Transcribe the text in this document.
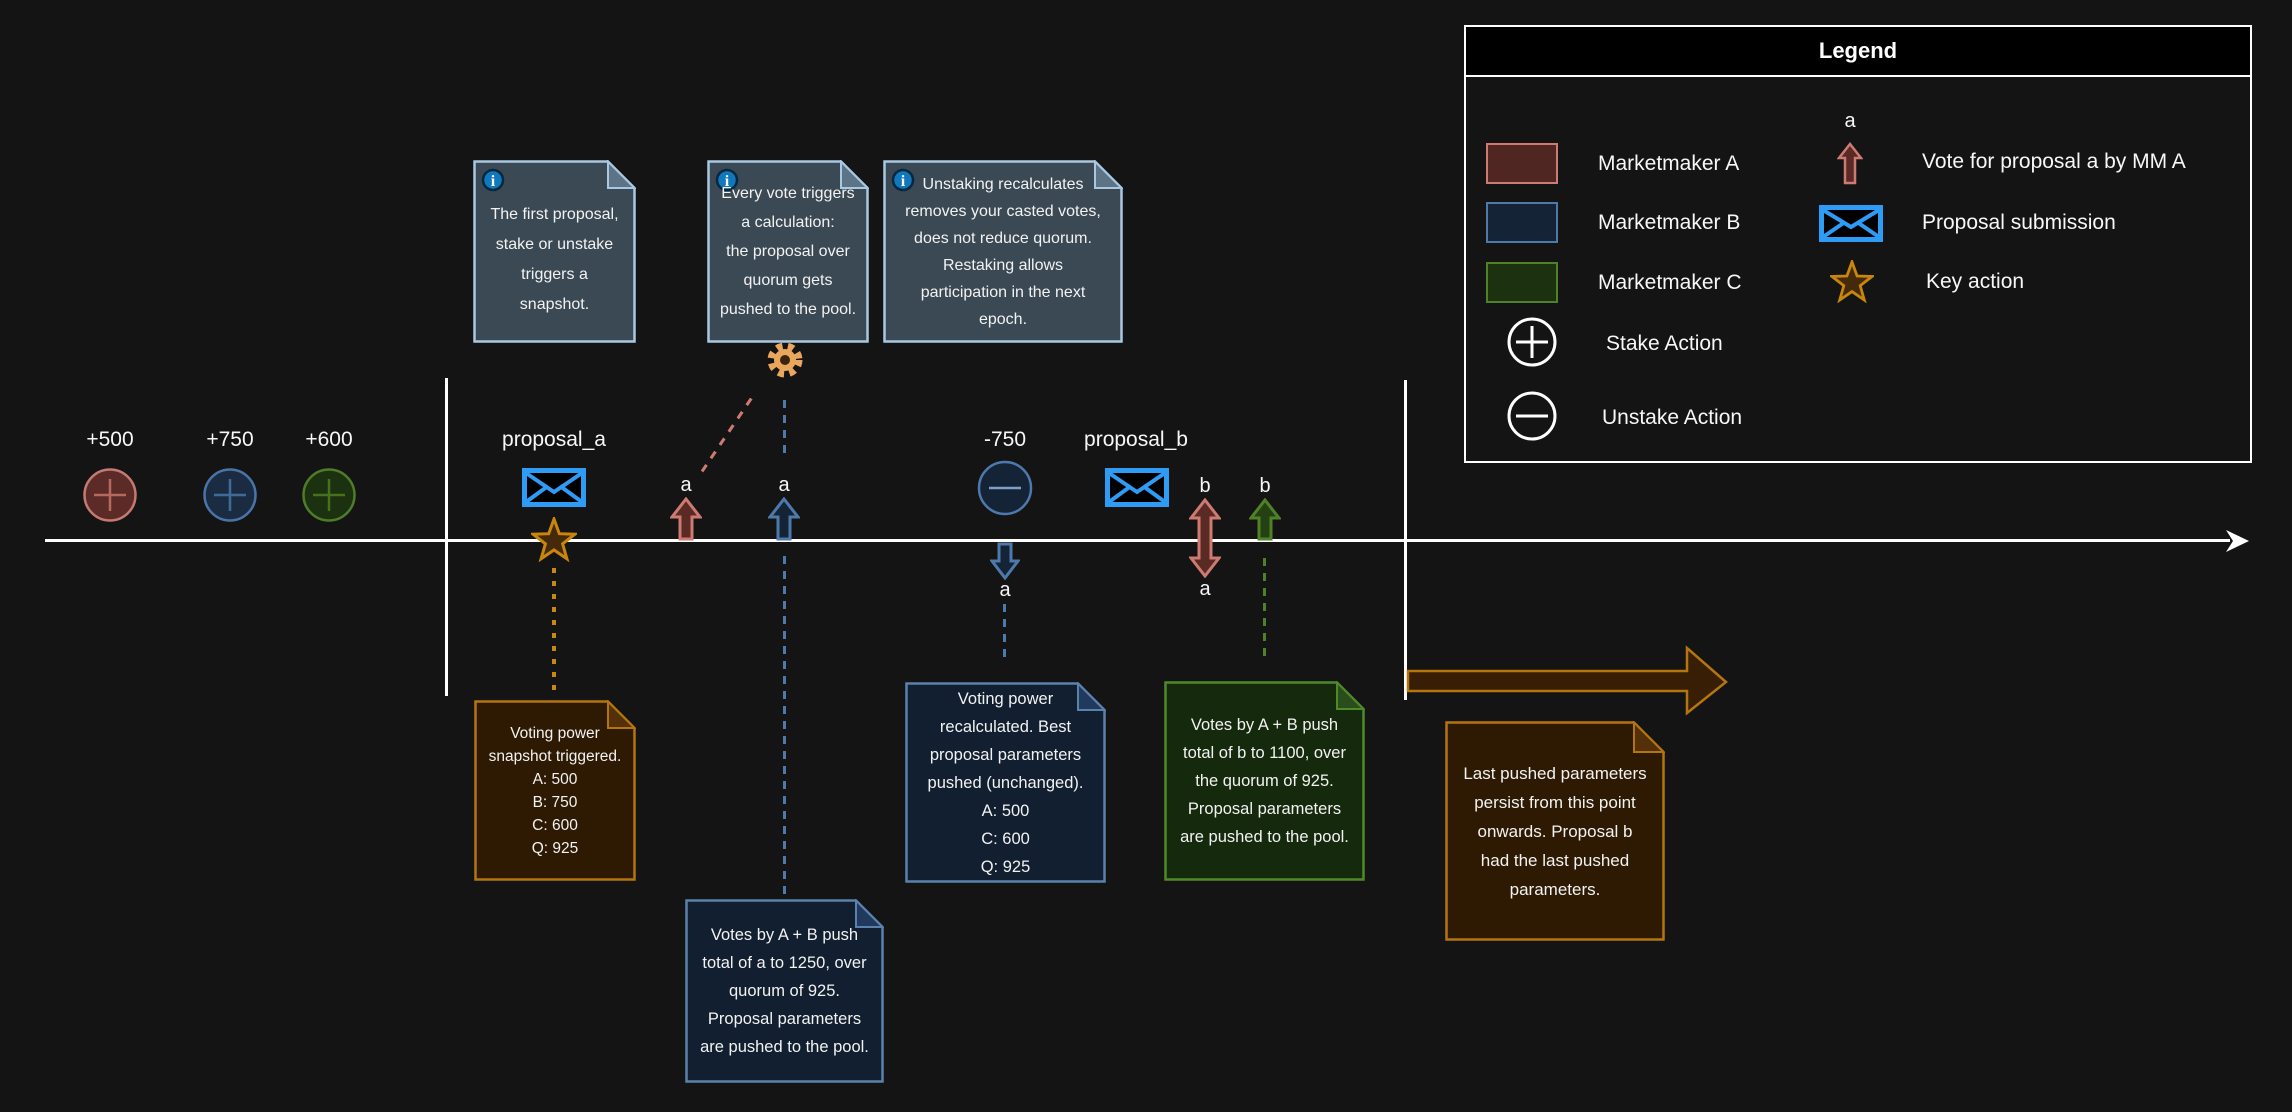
+500	+750	+600	proposal_a
a	a
-750
a
proposal_b
b
a
b
i
The first proposal,
stake or unstake
triggers a
snapshot.
i
Every vote triggers
a calculation:
the proposal over
quorum gets
pushed to the pool.
i Unstaking recalculates
removes your casted votes,
does not reduce quorum.
Restaking allows
participation in the next
epoch.
Voting power
snapshot triggered.
A: 500
B: 750
C: 600
Q: 925
Votes by A + B push
total of a to 1250, over
quorum of 925.
Proposal parameters
are pushed to the pool.
Voting power
recalculated. Best
proposal parameters
pushed (unchanged).
A: 500
C: 600
Q: 925
Votes by A + B push
total of b to 1100, over
the quorum of 925.
Proposal parameters
are pushed to the pool.
Last pushed parameters
persist from this point
onwards. Proposal b
had the last pushed
parameters.
Legend
Marketmaker A
Marketmaker B
Marketmaker C
Stake Action
Unstake Action
a
Vote for proposal a by MM A
Proposal submission
Key action
